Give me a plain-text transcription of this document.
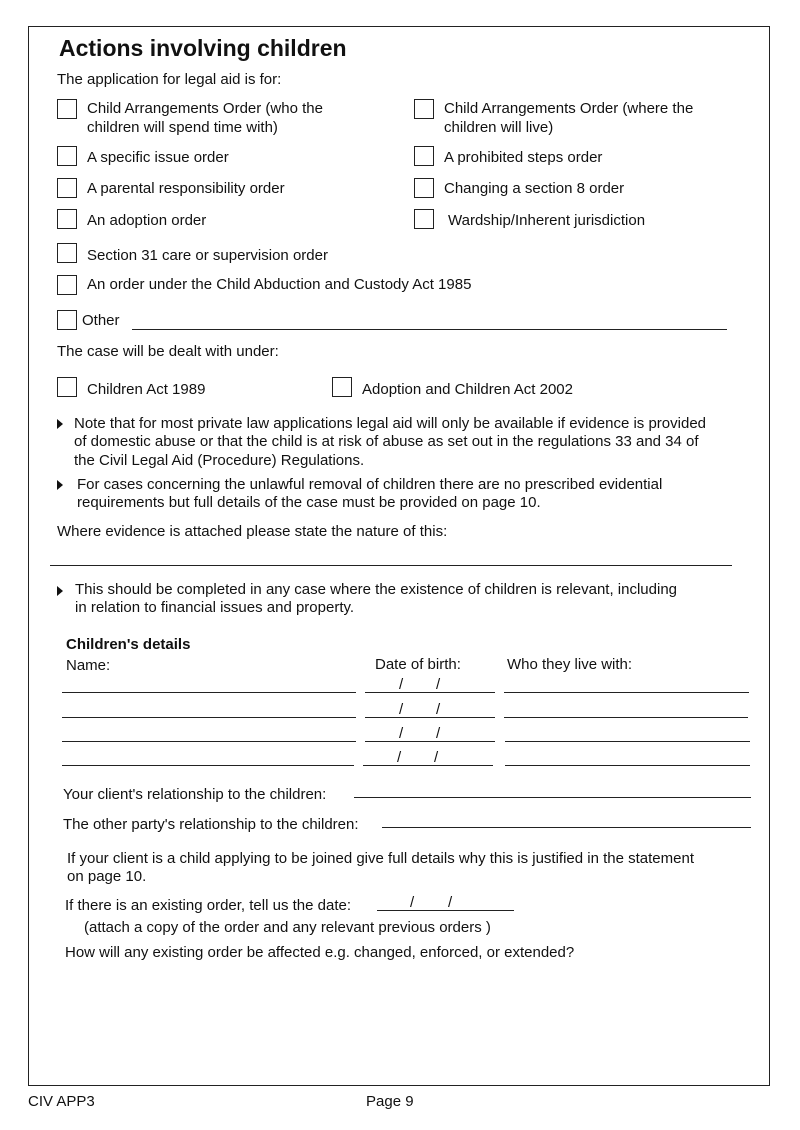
Actions involving children
The application for legal aid is for:
Child Arrangements Order (who the
children will spend time with)
Child Arrangements Order (where the
children will live)
A specific issue order	A prohibited steps order
A parental responsibility order	Changing a section 8 order
An adoption order	Wardship/Inherent jurisdiction
Section 31 care or supervision order
An order under the Child Abduction and Custody Act 1985
Other
The case will be dealt with under:
Children Act 1989	Adoption and Children Act 2002
Note that for most private law applications legal aid will only be available if evidence is provided
of domestic abuse or that the child is at risk of abuse as set out in the regulations 33 and 34 of
the Civil Legal Aid (Procedure) Regulations.
For cases concerning the unlawful removal of children there are no prescribed evidential
requirements but full details of the case must be provided on page 10.
Where evidence is attached please state the nature of this:
This should be completed in any case where the existence of children is relevant, including
in relation to financial issues and property.
Children's details
Name:	Date of birth:	Who they live with:
/ /
/ /
/ /
/ /
Your client's relationship to the children:
The other party's relationship to the children:
If your client is a child applying to be joined give full details why this is justified in the statement
on page 10.
If there is an existing order, tell us the date:	/ /
(attach a copy of the order and any relevant previous orders )
How will any existing order be affected e.g. changed, enforced, or extended?
CIV APP3	Page 9
